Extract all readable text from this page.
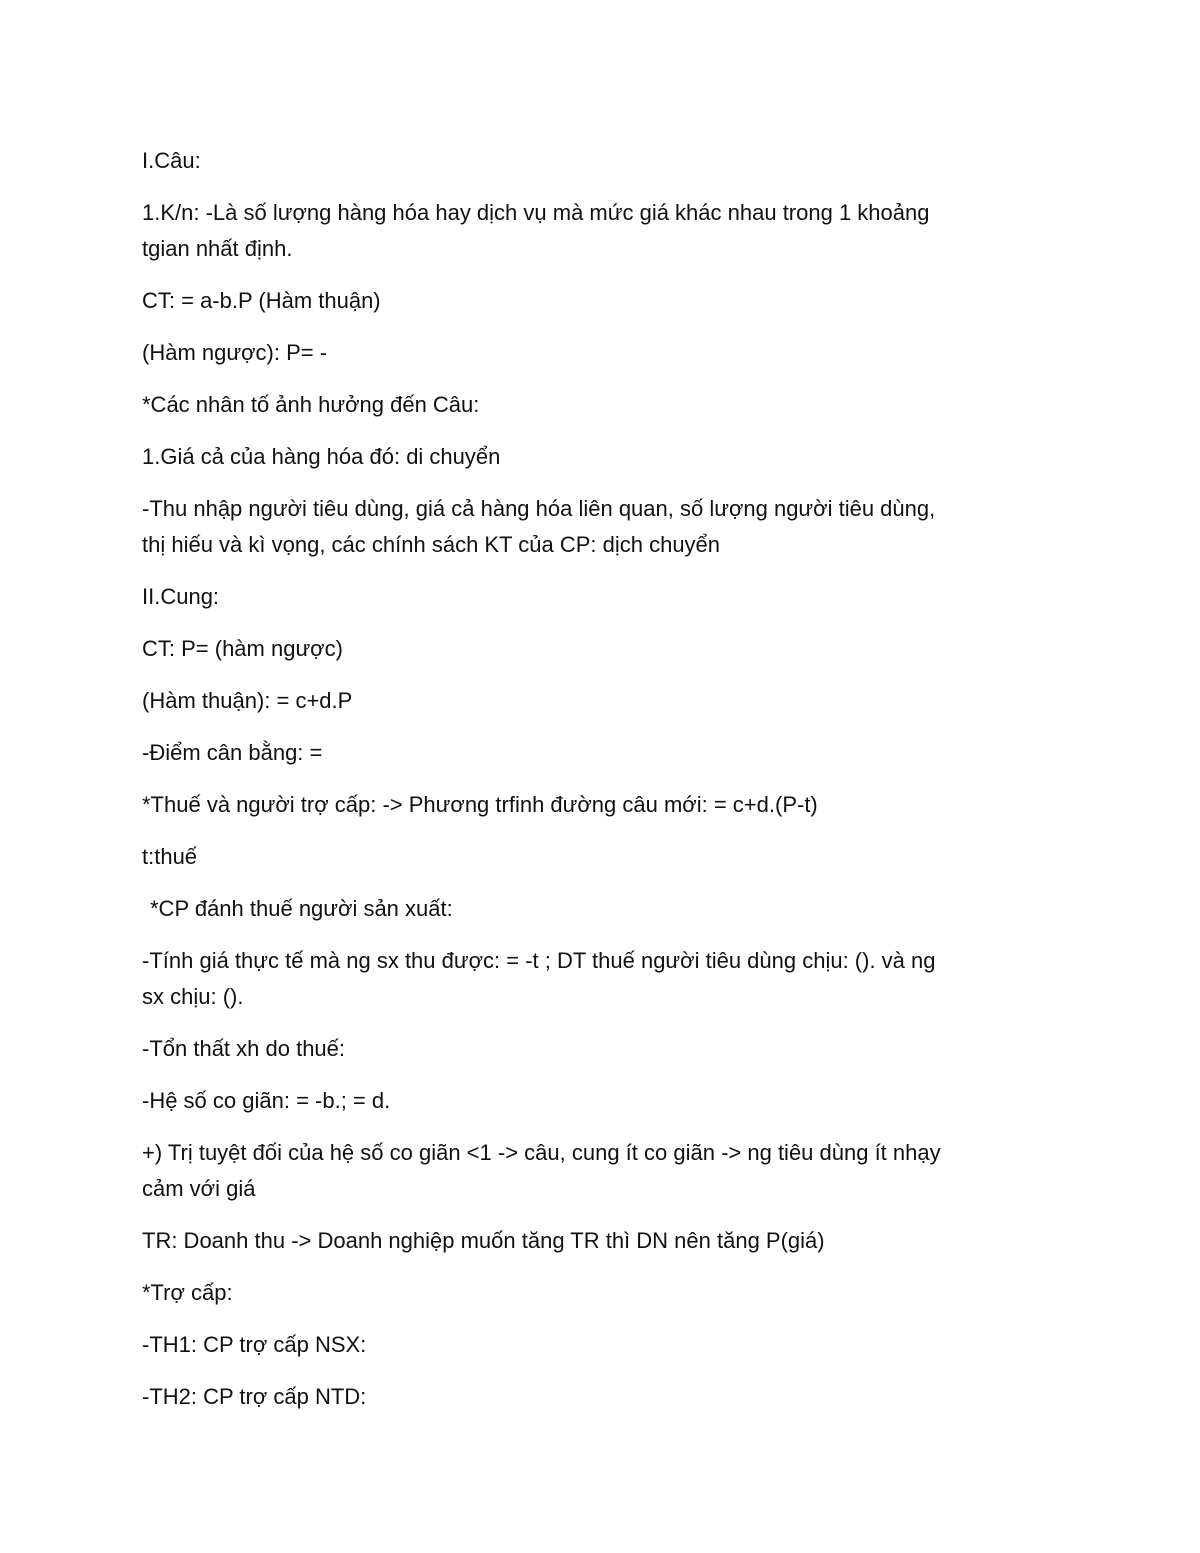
I.Câu:

1.K/n: -Là số lượng hàng hóa hay dịch vụ mà mức giá khác nhau trong 1 khoảng
tgian nhất định.

CT: = a-b.P (Hàm thuận)

(Hàm ngược): P= -

*Các nhân tố ảnh hưởng đến Câu:

1.Giá cả của hàng hóa đó: di chuyển

-Thu nhập người tiêu dùng, giá cả hàng hóa liên quan, số lượng người tiêu dùng,
thị hiếu và kì vọng, các chính sách KT của CP: dịch chuyển

II.Cung:

CT: P= (hàm ngược)

(Hàm thuận): = c+d.P

-Điểm cân bằng: =

*Thuế và người trợ cấp: -> Phương trfinh đường câu mới: = c+d.(P-t)

t:thuế

*CP đánh thuế người sản xuất:

-Tính giá thực tế mà ng sx thu được: = -t ; DT thuế người tiêu dùng chịu: (). và ng
sx chịu: ().

-Tổn thất xh do thuế:

-Hệ số co giãn: = -b.; = d.

+) Trị tuyệt đối của hệ số co giãn <1 -> câu, cung ít co giãn -> ng tiêu dùng ít nhạy
cảm với giá

TR: Doanh thu -> Doanh nghiệp muốn tăng TR thì DN nên tăng P(giá)

*Trợ cấp:

-TH1: CP trợ cấp NSX:

-TH2: CP trợ cấp NTD:
